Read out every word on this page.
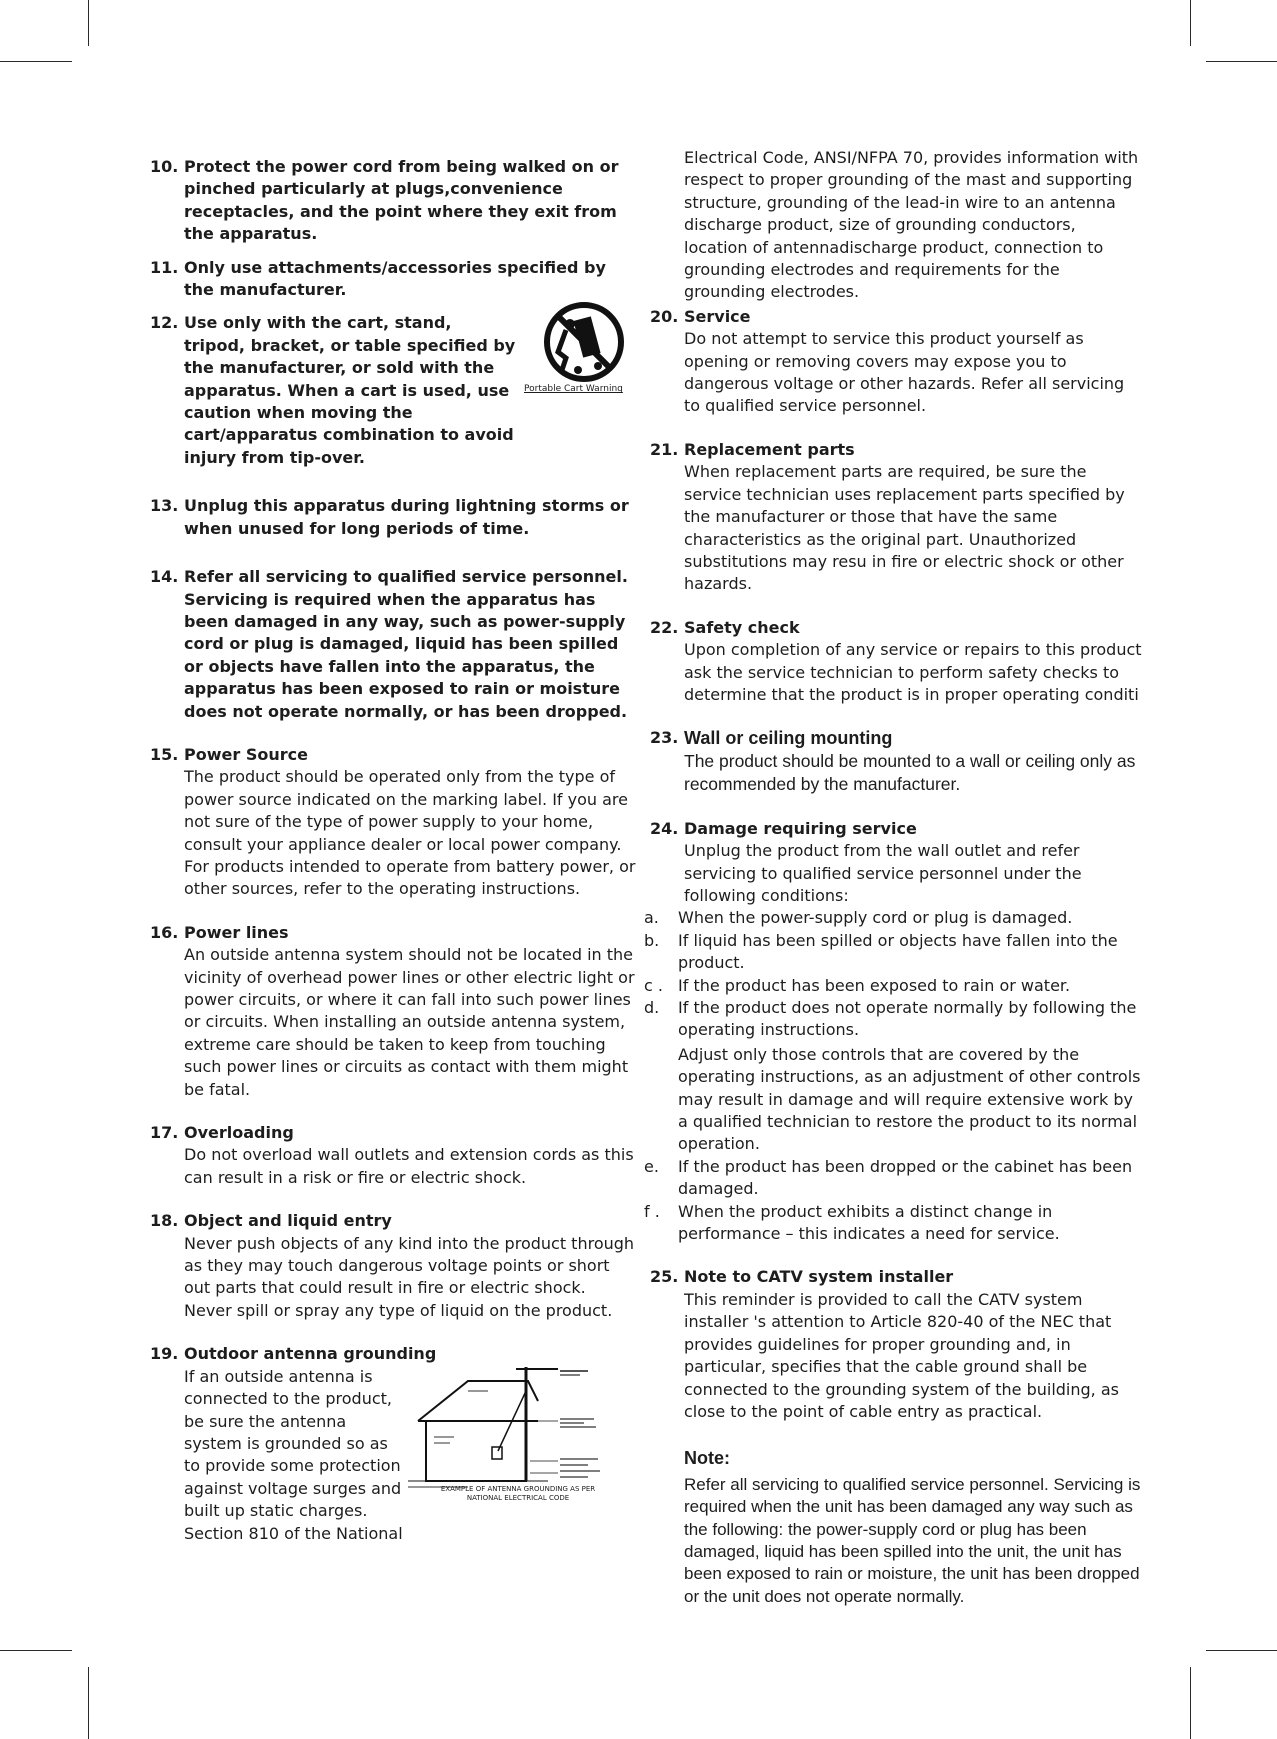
10. Protect the power cord from being walked on or pinched particularly at plugs,convenience receptacles, and the point where they exit from the apparatus.
11. Only use attachments/accessories specified by the manufacturer.
12. Use only with the cart, stand, tripod, bracket, or table specified by the manufacturer, or sold with the apparatus. When a cart is used, use caution when moving the cart/apparatus combination to avoid injury from tip-over.
Portable Cart Warning
13. Unplug this apparatus during lightning storms or when unused for long periods of time.
14. Refer all servicing to qualified service personnel. Servicing is required when the apparatus has been damaged in any way, such as power-supply cord or plug is damaged, liquid has been spilled or objects have fallen into the apparatus, the apparatus has been exposed to rain or moisture does not operate normally, or has been dropped.
15. Power Source
The product should be operated only from the type of power source indicated on the marking label. If you are not sure of the type of power supply to your home, consult your appliance dealer or local power company. For products intended to operate from battery power, or other sources, refer to the operating instructions.
16. Power lines
An outside antenna system should not be located in the vicinity of overhead power lines or other electric light or power circuits, or where it can fall into such power lines or circuits. When installing an outside antenna system, extreme care should be taken to keep from touching such power lines or circuits as contact with them might be fatal.
17. Overloading
Do not overload wall outlets and extension cords as this can result in a risk or fire or electric shock.
18. Object and liquid entry
Never push objects of any kind into the product through as they may touch dangerous voltage points or short out parts that could result in fire or electric shock.
Never spill or spray any type of liquid on the product.
19. Outdoor antenna grounding
If an outside antenna is connected to the product, be sure the antenna system is grounded so as to provide some protection against voltage surges and built up static charges. Section 810 of the National
EXAMPLE OF ANTENNA GROUNDING AS PER NATIONAL ELECTRICAL CODE
Electrical Code, ANSI/NFPA 70, provides information with respect to proper grounding of the mast and supporting structure, grounding of the lead-in wire to an antenna discharge product, size of grounding conductors, location of antennadischarge product, connection to grounding electrodes and requirements for the grounding electrodes.
20. Service
Do not attempt to service this product yourself as opening or removing covers may expose you to dangerous voltage or other hazards. Refer all servicing to qualified service personnel.
21. Replacement parts
When replacement parts are required, be sure the service technician uses replacement parts specified by the manufacturer or those that have the same characteristics as the original part. Unauthorized substitutions may resu in fire or electric shock or other hazards.
22. Safety check
Upon completion of any service or repairs to this product ask the service technician to perform safety checks to determine that the product is in proper operating conditi
23. Wall or ceiling mounting
The product should be mounted to a wall or ceiling only as recommended by the manufacturer.
24. Damage requiring service
Unplug the product from the wall outlet and refer servicing to qualified service personnel under the following conditions:
a. When the power-supply cord or plug is damaged.
b. If liquid has been spilled or objects have fallen into the product.
c . If the product has been exposed to rain or water.
d. If the product does not operate normally by following the operating instructions.
Adjust only those controls that are covered by the operating instructions, as an adjustment of other controls may result in damage and will require extensive work by a qualified technician to restore the product to its normal operation.
e. If the product has been dropped or the cabinet has been damaged.
f . When the product exhibits a distinct change in performance – this indicates a need for service.
25. Note to CATV system installer
This reminder is provided to call the CATV system installer 's attention to Article 820-40 of the NEC that provides guidelines for proper grounding and, in particular, specifies that the cable ground shall be connected to the grounding system of the building, as close to the point of cable entry as practical.
Note:
Refer all servicing to qualified service personnel. Servicing is required when the unit has been damaged any way such as the following: the power-supply cord or plug has been damaged, liquid has been spilled into the unit, the unit has been exposed to rain or moisture, the unit has been dropped or the unit does not operate normally.
